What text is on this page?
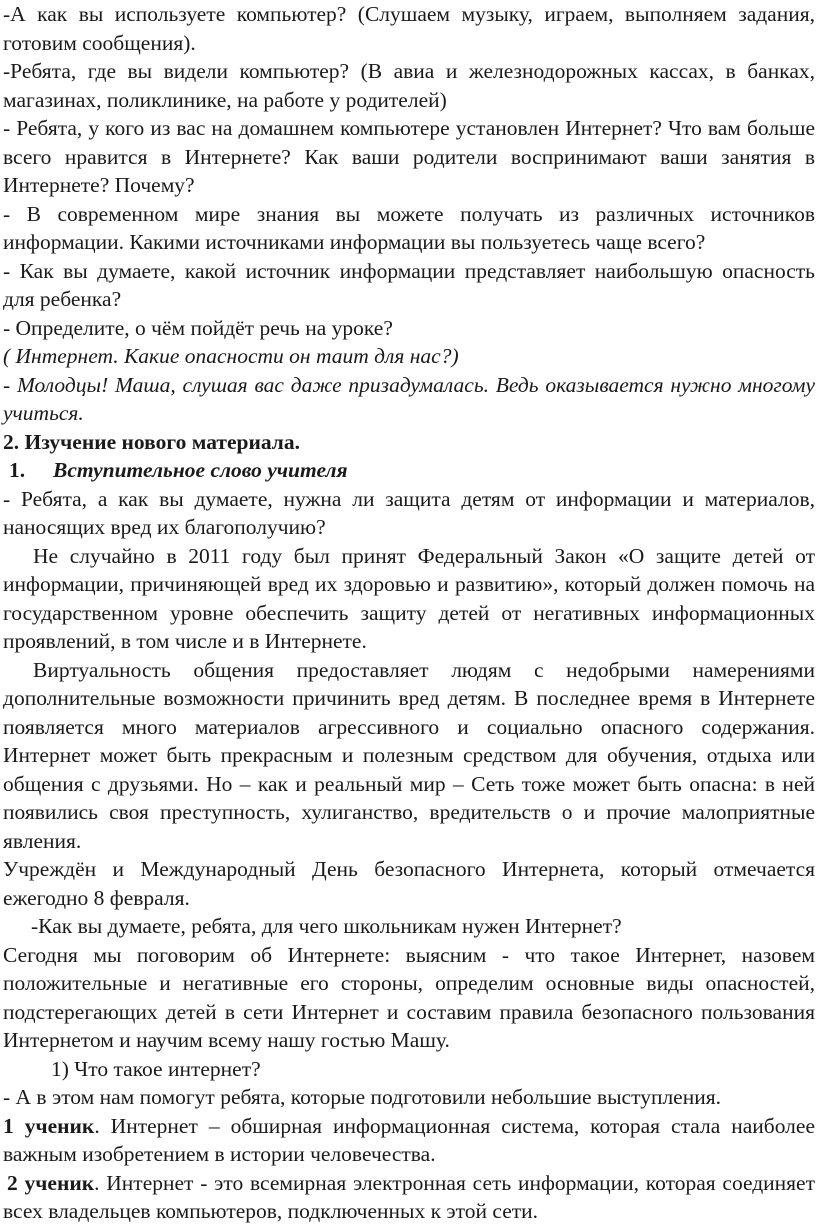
-А как вы используете компьютер? (Слушаем музыку, играем, выполняем задания, готовим сообщения).

-Ребята, где вы видели компьютер? (В авиа и железнодорожных кассах, в банках, магазинах, поликлинике, на работе у родителей)

- Ребята, у кого из вас на домашнем компьютере установлен Интернет? Что вам больше всего нравится в Интернете? Как ваши родители воспринимают ваши занятия в Интернете? Почему?

- В современном мире знания вы можете получать из различных источников информации. Какими источниками информации вы пользуетесь чаще всего?

- Как вы думаете, какой источник информации представляет наибольшую опасность для ребенка?

- Определите, о чём пойдёт речь на уроке?

( Интернет. Какие опасности он таит для нас?)

- Молодцы! Маша, слушая вас даже призадумалась. Ведь оказывается нужно многому учиться.

2. Изучение нового материала.

1.	Вступительное слово учителя

- Ребята, а как вы думаете, нужна ли защита детям от информации и материалов, наносящих вред их благополучию?

Не случайно в 2011 году был принят Федеральный Закон «О защите детей от информации, причиняющей вред их здоровью и развитию», который должен помочь на государственном уровне обеспечить защиту детей от негативных информационных проявлений, в том числе и в Интернете.

Виртуальность общения предоставляет людям с недобрыми намерениями дополнительные возможности причинить вред детям. В последнее время в Интернете появляется много материалов агрессивного и социально опасного содержания. Интернет может быть прекрасным и полезным средством для обучения, отдыха или общения с друзьями. Но – как и реальный мир – Сеть тоже может быть опасна: в ней появились своя преступность, хулиганство, вредительств о и прочие малоприятные явления.

Учреждён и Международный День безопасного Интернета, который отмечается ежегодно 8 февраля.

-Как вы думаете, ребята, для чего школьникам нужен Интернет?

Сегодня мы поговорим об Интернете: выясним - что такое Интернет, назовем положительные и негативные его стороны, определим основные виды опасностей, подстерегающих детей в сети Интернет и составим правила безопасного пользования Интернетом и научим всему нашу гостью Машу.

1) Что такое интернет?

- А в этом нам помогут ребята, которые подготовили небольшие выступления.

1 ученик. Интернет – обширная информационная система, которая стала наиболее важным изобретением в истории человечества.

2 ученик. Интернет - это всемирная электронная сеть информации, которая соединяет всех владельцев компьютеров, подключенных к этой сети.
